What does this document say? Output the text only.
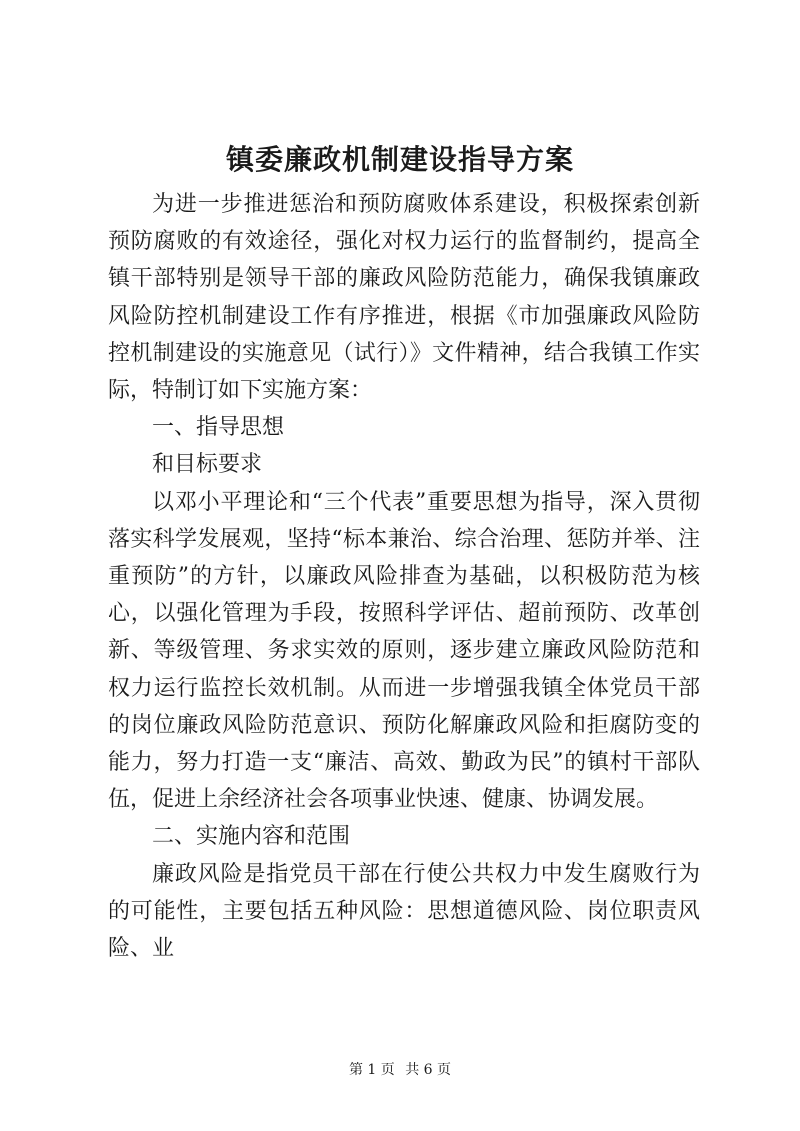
镇委廉政机制建设指导方案

为进一步推进惩治和预防腐败体系建设，积极探索创新预防腐败的有效途径，强化对权力运行的监督制约，提高全镇干部特别是领导干部的廉政风险防范能力，确保我镇廉政风险防控机制建设工作有序推进，根据《市加强廉政风险防控机制建设的实施意见（试行）》文件精神，结合我镇工作实际，特制订如下实施方案：

一、指导思想

和目标要求

以邓小平理论和“三个代表”重要思想为指导，深入贯彻落实科学发展观，坚持“标本兼治、综合治理、惩防并举、注重预防”的方针，以廉政风险排查为基础，以积极防范为核心，以强化管理为手段，按照科学评估、超前预防、改革创新、等级管理、务求实效的原则，逐步建立廉政风险防范和权力运行监控长效机制。从而进一步增强我镇全体党员干部的岗位廉政风险防范意识、预防化解廉政风险和拒腐防变的能力，努力打造一支“廉洁、高效、勤政为民”的镇村干部队伍，促进上余经济社会各项事业快速、健康、协调发展。

二、实施内容和范围

廉政风险是指党员干部在行使公共权力中发生腐败行为的可能性，主要包括五种风险：思想道德风险、岗位职责风险、业

第 1 页 共 6 页
